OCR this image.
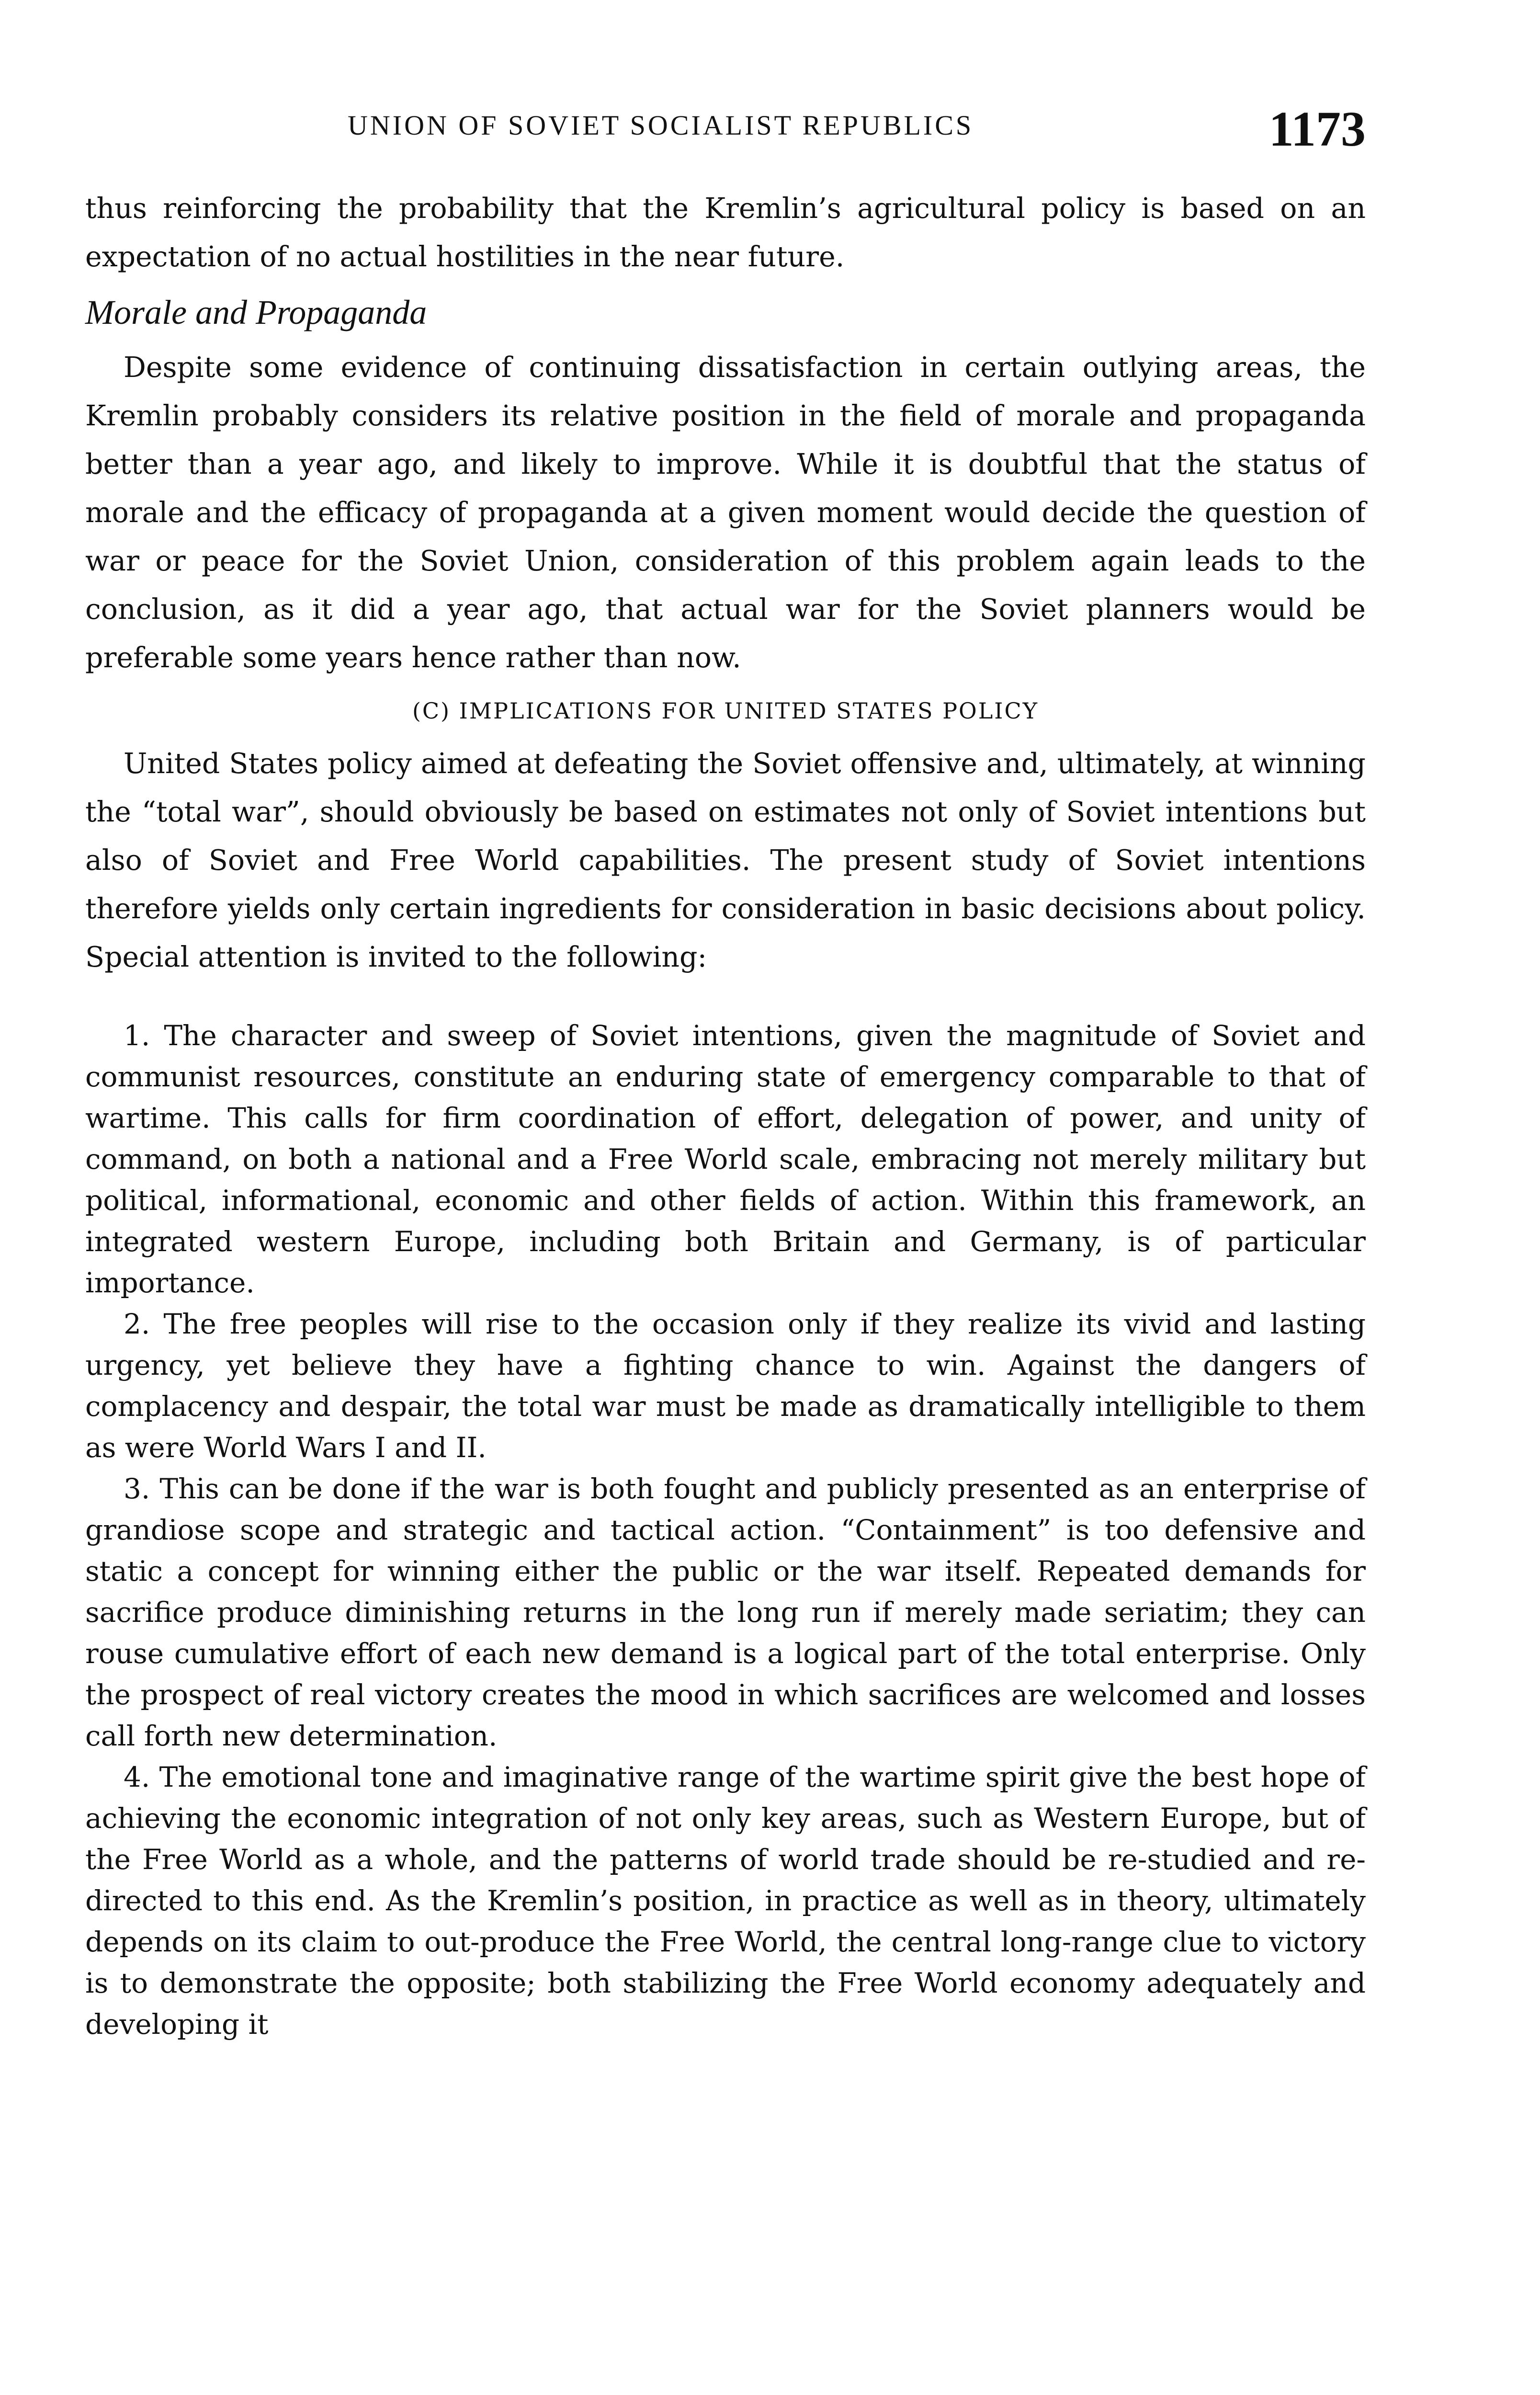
UNION OF SOVIET SOCIALIST REPUBLICS	1173

thus reinforcing the probability that the Kremlin’s agricultural policy is based on an expectation of no actual hostilities in the near future.

Morale and Propaganda

Despite some evidence of continuing dissatisfaction in certain outlying areas, the Kremlin probably considers its relative position in the field of morale and propaganda better than a year ago, and likely to improve. While it is doubtful that the status of morale and the efficacy of propaganda at a given moment would decide the question of war or peace for the Soviet Union, consideration of this problem again leads to the conclusion, as it did a year ago, that actual war for the Soviet planners would be preferable some years hence rather than now.

(C) IMPLICATIONS FOR UNITED STATES POLICY

United States policy aimed at defeating the Soviet offensive and, ultimately, at winning the “total war”, should obviously be based on estimates not only of Soviet intentions but also of Soviet and Free World capabilities. The present study of Soviet intentions therefore yields only certain ingredients for consideration in basic decisions about policy. Special attention is invited to the following:

1. The character and sweep of Soviet intentions, given the magnitude of Soviet and communist resources, constitute an enduring state of emergency comparable to that of wartime. This calls for firm coordination of effort, delegation of power, and unity of command, on both a national and a Free World scale, embracing not merely military but political, informational, economic and other fields of action. Within this framework, an integrated western Europe, including both Britain and Germany, is of particular importance.

2. The free peoples will rise to the occasion only if they realize its vivid and lasting urgency, yet believe they have a fighting chance to win. Against the dangers of complacency and despair, the total war must be made as dramatically intelligible to them as were World Wars I and II.

3. This can be done if the war is both fought and publicly presented as an enterprise of grandiose scope and strategic and tactical action. “Containment” is too defensive and static a concept for winning either the public or the war itself. Repeated demands for sacrifice produce diminishing returns in the long run if merely made seriatim; they can rouse cumulative effort of each new demand is a logical part of the total enterprise. Only the prospect of real victory creates the mood in which sacrifices are welcomed and losses call forth new determination.

4. The emotional tone and imaginative range of the wartime spirit give the best hope of achieving the economic integration of not only key areas, such as Western Europe, but of the Free World as a whole, and the patterns of world trade should be re-studied and re-directed to this end. As the Kremlin’s position, in practice as well as in theory, ultimately depends on its claim to out-produce the Free World, the central long-range clue to victory is to demonstrate the opposite; both stabilizing the Free World economy adequately and developing it
